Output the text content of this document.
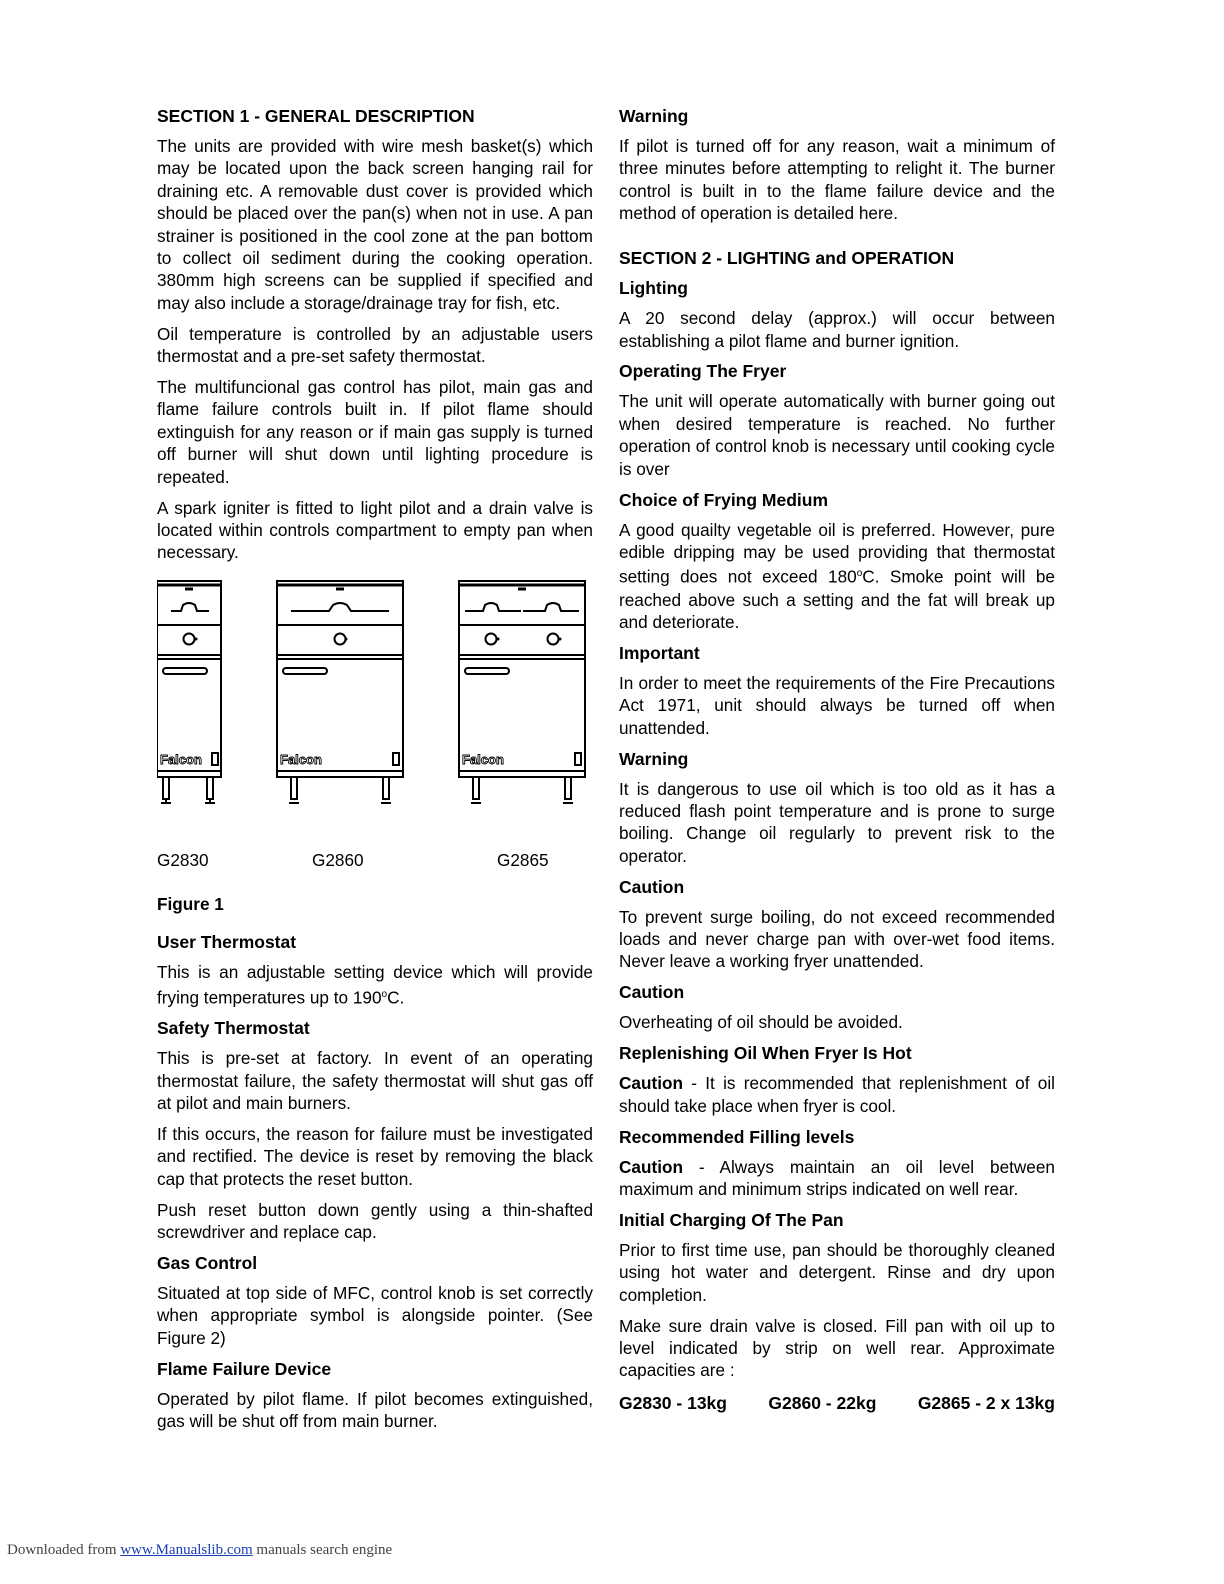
SECTION 1 - GENERAL DESCRIPTION

The units are provided with wire mesh basket(s) which may be located upon the back screen hanging rail for draining etc. A removable dust cover is provided which should be placed over the pan(s) when not in use. A pan strainer is positioned in the cool zone at the pan bottom to collect oil sediment during the cooking operation. 380mm high screens can be supplied if specified and may also include a storage/drainage tray for fish, etc.

Oil temperature is controlled by an adjustable users thermostat and a pre-set safety thermostat.

The multifuncional gas control has pilot, main gas and flame failure controls built in. If pilot flame should extinguish for any reason or if main gas supply is turned off burner will shut down until lighting procedure is repeated.

A spark igniter is fitted to light pilot and a drain valve is located within controls compartment to empty pan when necessary.

Falcon	Falcon	Falcon
G2830	G2860	G2865
Figure 1
User Thermostat

This is an adjustable setting device which will provide frying temperatures up to 190$^o$C.

Safety Thermostat

This is pre-set at factory. In event of an operating thermostat failure, the safety thermostat will shut gas off at pilot and main burners.

If this occurs, the reason for failure must be investigated and rectified. The device is reset by removing the black cap that protects the reset button.

Push reset button down gently using a thin-shafted screwdriver and replace cap.

Gas Control

Situated at top side of MFC, control knob is set correctly when appropriate symbol is alongside pointer. (See Figure 2)

Flame Failure Device

Operated by pilot flame. If pilot becomes extinguished, gas will be shut off from main burner.

Warning

If pilot is turned off for any reason, wait a minimum of three minutes before attempting to relight it. The burner control is built in to the flame failure device and the method of operation is detailed here.

SECTION 2 - LIGHTING and OPERATION
Lighting

A 20 second delay (approx.) will occur between establishing a pilot flame and burner ignition.

Operating The Fryer

The unit will operate automatically with burner going out when desired temperature is reached. No further operation of control knob is necessary until cooking cycle is over

Choice of Frying Medium

A good quailty vegetable oil is preferred. However, pure edible dripping may be used providing that thermostat setting does not exceed 180$^o$C. Smoke point will be reached above such a setting and the fat will break up and deteriorate.

Important

In order to meet the requirements of the Fire Precautions Act 1971, unit should always be turned off when unattended.

Warning

It is dangerous to use oil which is too old as it has a reduced flash point temperature and is prone to surge boiling. Change oil regularly to prevent risk to the operator.

Caution

To prevent surge boiling, do not exceed recommended loads and never charge pan with over-wet food items. Never leave a working fryer unattended.

Caution

Overheating of oil should be avoided.

Replenishing Oil When Fryer Is Hot

Caution - It is recommended that replenishment of oil should take place when fryer is cool.

Recommended Filling levels

Caution - Always maintain an oil level between maximum and minimum strips indicated on well rear.

Initial Charging Of The Pan

Prior to first time use, pan should be thoroughly cleaned using hot water and detergent. Rinse and dry upon completion.

Make sure drain valve is closed. Fill pan with oil up to level indicated by strip on well rear. Approximate capacities are :

G2830 - 13kg G2860 - 22kg G2865 - 2 x 13kg
Downloaded from www.Manualslib.com manuals search engine
